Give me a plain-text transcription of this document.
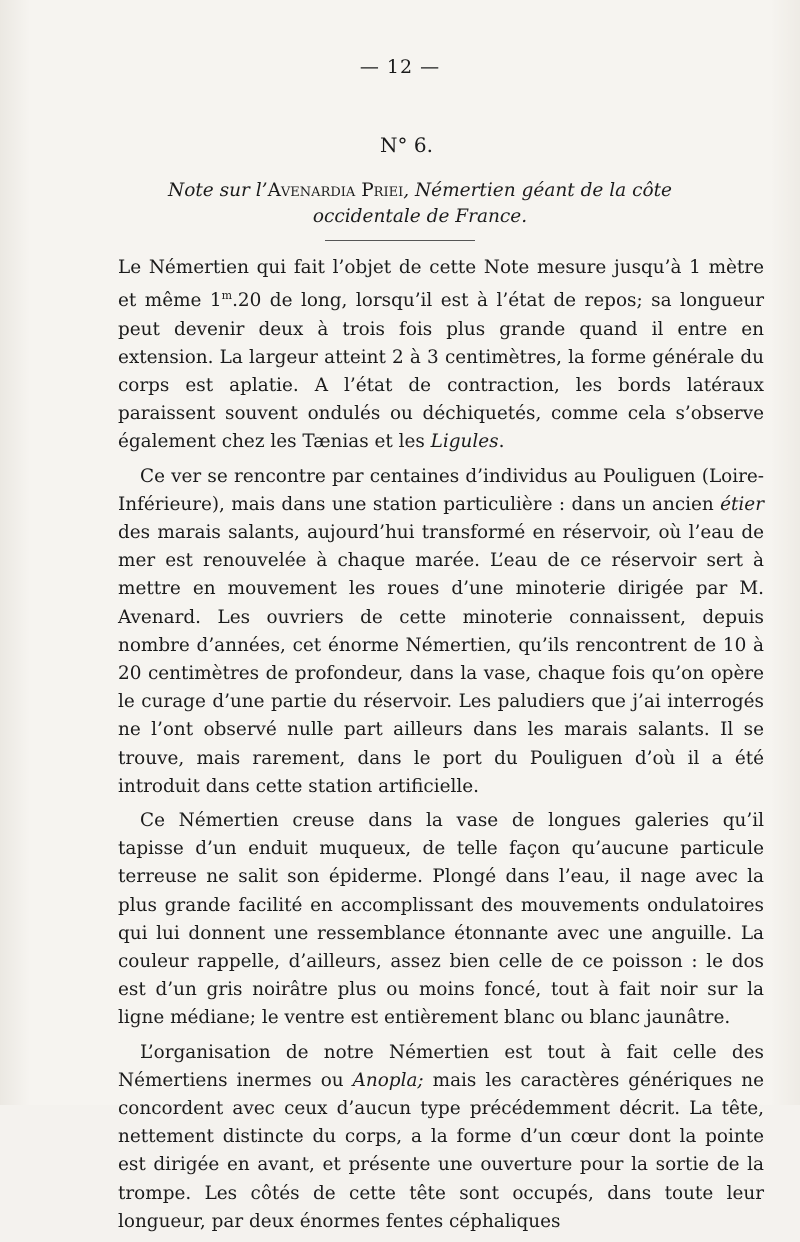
— 12 —
N° 6.
Note sur l’Avenardia Priei, Némertien géant de la côte
occidentale de France.

Le Némertien qui fait l’objet de cette Note mesure jusqu’à 1 mètre et même 1$^m$.20 de long, lorsqu’il est à l’état de repos; sa longueur peut devenir deux à trois fois plus grande quand il entre en extension. La largeur atteint 2 à 3 centimètres, la forme générale du corps est aplatie. A l’état de contraction, les bords latéraux paraissent souvent ondulés ou déchiquetés, comme cela s’observe également chez les Tænias et les Ligules.

Ce ver se rencontre par centaines d’individus au Pouliguen (Loire-Inférieure), mais dans une station particulière : dans un ancien étier des marais salants, aujourd’hui transformé en réservoir, où l’eau de mer est renouvelée à chaque marée. L’eau de ce réservoir sert à mettre en mouvement les roues d’une minoterie dirigée par M. Avenard. Les ouvriers de cette minoterie connaissent, depuis nombre d’années, cet énorme Némertien, qu’ils rencontrent de 10 à 20 centimètres de profondeur, dans la vase, chaque fois qu’on opère le curage d’une partie du réservoir. Les paludiers que j’ai interrogés ne l’ont observé nulle part ailleurs dans les marais salants. Il se trouve, mais rarement, dans le port du Pouliguen d’où il a été introduit dans cette station artificielle.

Ce Némertien creuse dans la vase de longues galeries qu’il tapisse d’un enduit muqueux, de telle façon qu’aucune particule terreuse ne salit son épiderme. Plongé dans l’eau, il nage avec la plus grande facilité en accomplissant des mouvements ondulatoires qui lui donnent une ressemblance étonnante avec une anguille. La couleur rappelle, d’ailleurs, assez bien celle de ce poisson : le dos est d’un gris noirâtre plus ou moins foncé, tout à fait noir sur la ligne médiane; le ventre est entièrement blanc ou blanc jaunâtre.

L’organisation de notre Némertien est tout à fait celle des Némertiens inermes ou Anopla; mais les caractères génériques ne concordent avec ceux d’aucun type précédemment décrit. La tête, nettement distincte du corps, a la forme d’un cœur dont la pointe est dirigée en avant, et présente une ouverture pour la sortie de la trompe. Les côtés de cette tête sont occupés, dans toute leur longueur, par deux énormes fentes céphaliques
